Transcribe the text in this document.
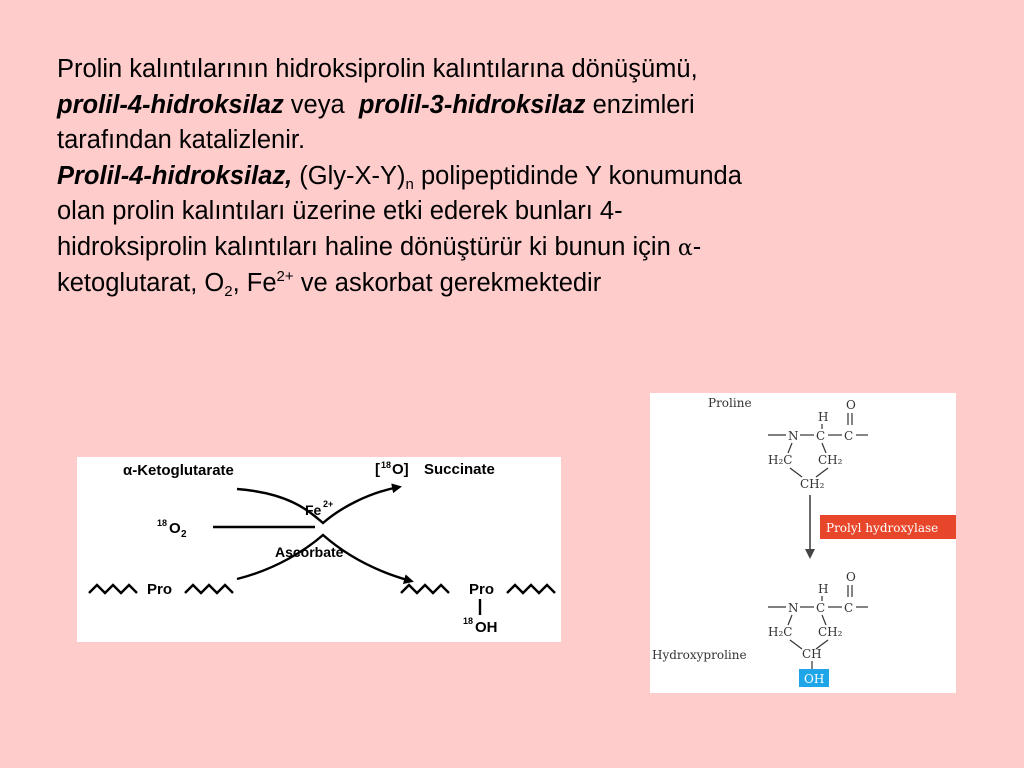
Prolin kalıntılarının hidroksiprolin kalıntılarına dönüşümü,
prolil-4-hidroksilaz veya  prolil-3-hidroksilaz enzimleri
tarafından katalizlenir.
Prolil-4-hidroksilaz, $(Gly-X-Y)_n$ polipeptidinde Y konumunda
olan prolin kalıntıları üzerine etki ederek bunları 4-
hidroksiprolin kalıntıları haline dönüştürür ki bunun için α-
ketoglutarat, $O_2$, $Fe^{2+}$ ve askorbat gerekmektedir
α-Ketoglutarate	[ 18 O] Succinate
18 O 2
Fe 2+
Ascorbate
Pro	Pro
18 OH
Proline	O
H
N C C
H₂C CH₂
CH₂
Prolyl hydroxylase
O
H
N C C
H₂C CH₂
CH
OH
Hydroxyproline
